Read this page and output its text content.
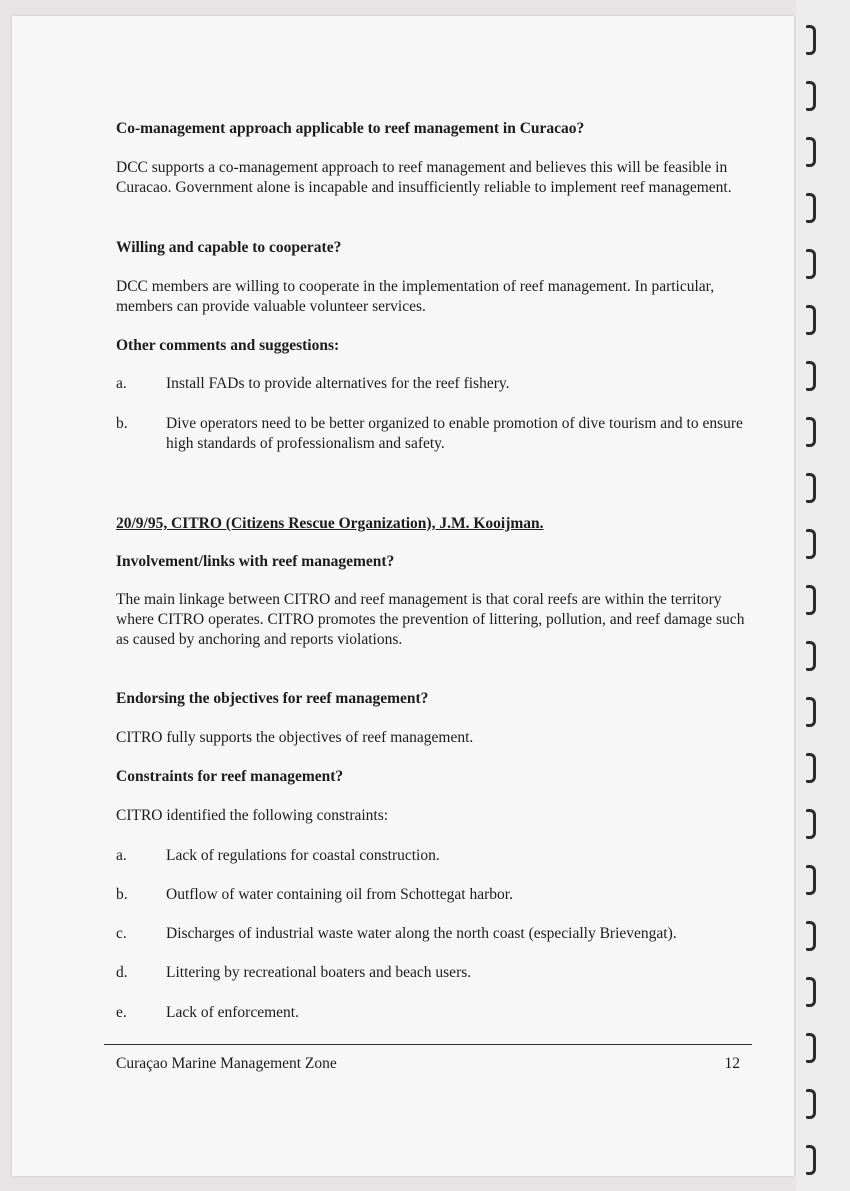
Co-management approach applicable to reef management in Curacao?

DCC supports a co-management approach to reef management and believes this will be feasible in Curacao. Government alone is incapable and insufficiently reliable to implement reef management.

Willing and capable to cooperate?

DCC members are willing to cooperate in the implementation of reef management. In particular, members can provide valuable volunteer services.

Other comments and suggestions:
a.	Install FADs to provide alternatives for the reef fishery.
b. Dive operators need to be better organized to enable promotion of dive tourism and to ensure high standards of professionalism and safety.
20/9/95, CITRO (Citizens Rescue Organization), J.M. Kooijman.
Involvement/links with reef management?

The main linkage between CITRO and reef management is that coral reefs are within the territory where CITRO operates. CITRO promotes the prevention of littering, pollution, and reef damage such as caused by anchoring and reports violations.

Endorsing the objectives for reef management?

CITRO fully supports the objectives of reef management.

Constraints for reef management?

CITRO identified the following constraints:

a.	Lack of regulations for coastal construction.
b. Outflow of water containing oil from Schottegat harbor.
c.	Discharges of industrial waste water along the north coast (especially Brievengat).
d. Littering by recreational boaters and beach users.
e.	Lack of enforcement.
Curaçao Marine Management Zone	12
